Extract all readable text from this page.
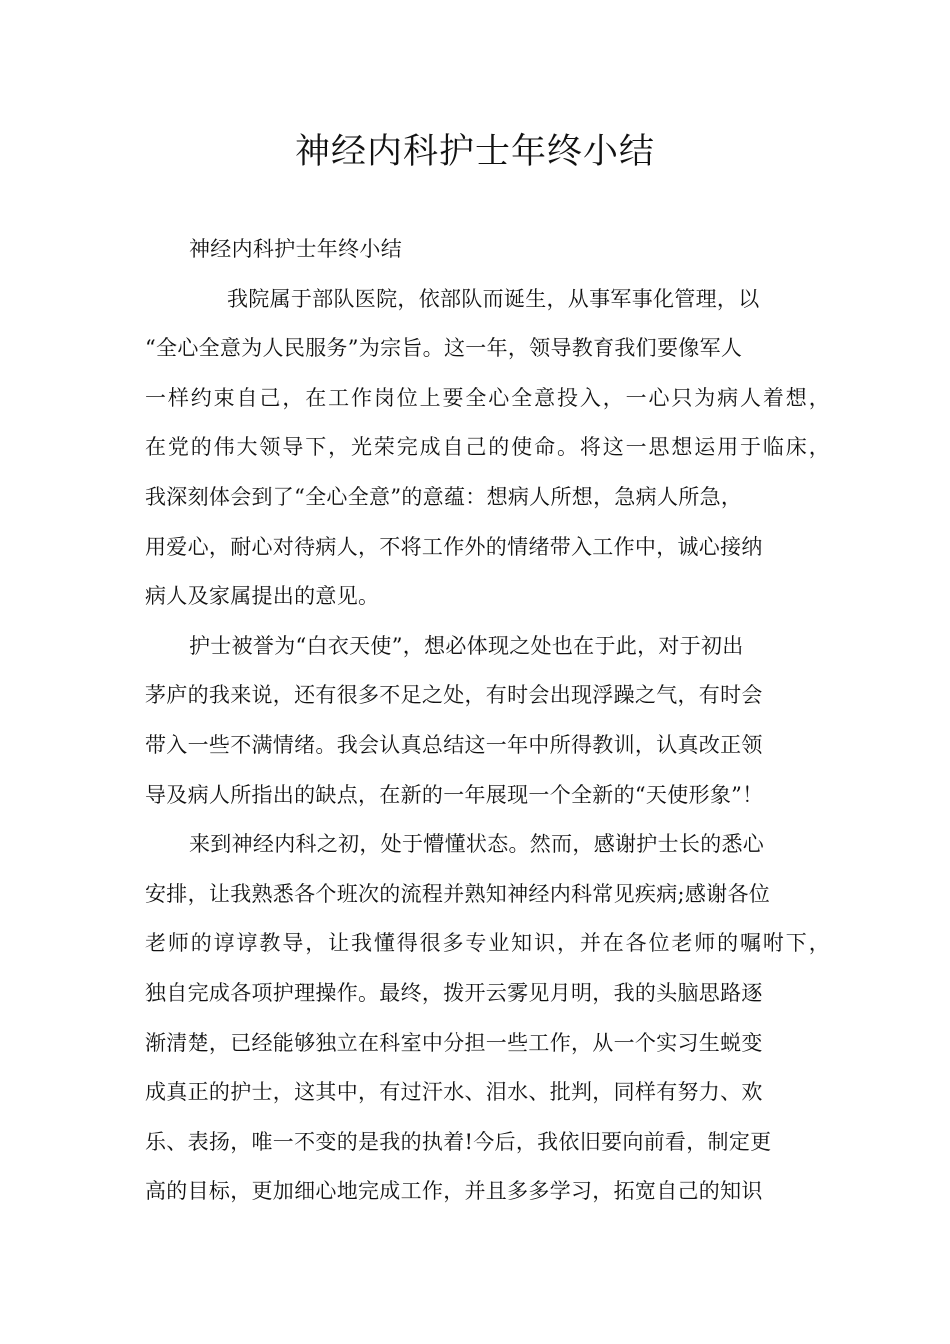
神经内科护士年终小结
神经内科护士年终小结
我院属于部队医院，依部队而诞生，从事军事化管理，以
“全心全意为人民服务”为宗旨。这一年，领导教育我们要像军人
一样约束自己，在工作岗位上要全心全意投入，一心只为病人着想，
在党的伟大领导下，光荣完成自己的使命。将这一思想运用于临床，
我深刻体会到了“全心全意”的意蕴：想病人所想，急病人所急，
用爱心，耐心对待病人，不将工作外的情绪带入工作中，诚心接纳
病人及家属提出的意见。
护士被誉为“白衣天使”，想必体现之处也在于此，对于初出
茅庐的我来说，还有很多不足之处，有时会出现浮躁之气，有时会
带入一些不满情绪。我会认真总结这一年中所得教训，认真改正领
导及病人所指出的缺点，在新的一年展现一个全新的“天使形象”！
来到神经内科之初，处于懵懂状态。然而，感谢护士长的悉心
安排，让我熟悉各个班次的流程并熟知神经内科常见疾病;感谢各位
老师的谆谆教导，让我懂得很多专业知识，并在各位老师的嘱咐下，
独自完成各项护理操作。最终，拨开云雾见月明，我的头脑思路逐
渐清楚，已经能够独立在科室中分担一些工作，从一个实习生蜕变
成真正的护士，这其中，有过汗水、泪水、批判，同样有努力、欢
乐、表扬，唯一不变的是我的执着!今后，我依旧要向前看，制定更
高的目标，更加细心地完成工作，并且多多学习，拓宽自己的知识
